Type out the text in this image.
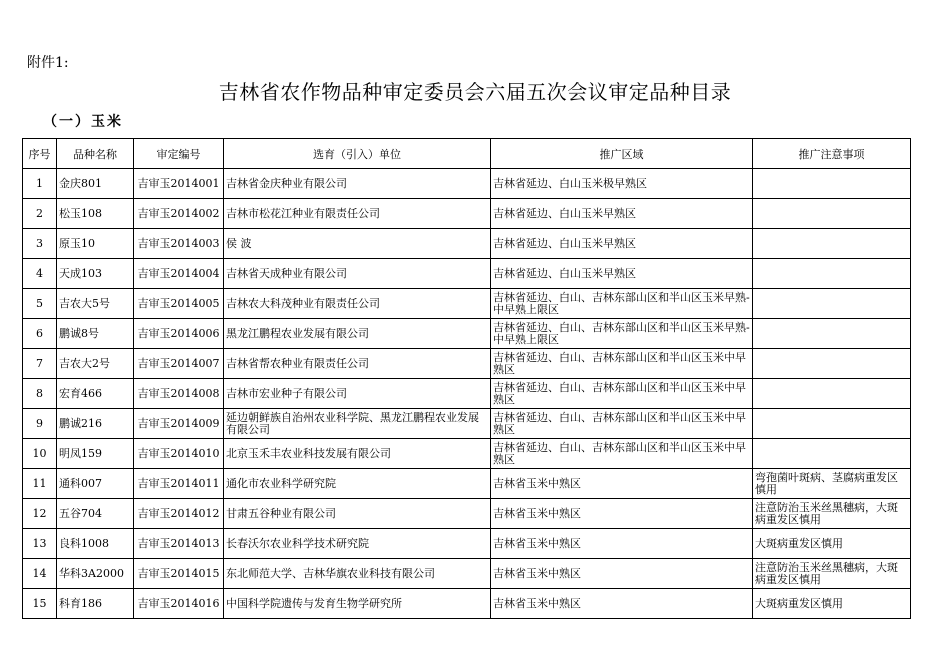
附件1:
吉林省农作物品种审定委员会六届五次会议审定品种目录
（一）玉米
序号	品种名称	审定编号	选育（引入）单位	推广区域	推广注意事项
1	金庆801	吉审玉2014001	吉林省金庆种业有限公司	吉林省延边、白山玉米极早熟区	
2	松玉108	吉审玉2014002	吉林市松花江种业有限责任公司	吉林省延边、白山玉米早熟区	
3	原玉10	吉审玉2014003	侯 波	吉林省延边、白山玉米早熟区	
4	天成103	吉审玉2014004	吉林省天成种业有限公司	吉林省延边、白山玉米早熟区	
5	吉农大5号	吉审玉2014005	吉林农大科茂种业有限责任公司	吉林省延边、白山、吉林东部山区和半山区玉米早熟-中早熟上限区	
6	鹏诚8号	吉审玉2014006	黑龙江鹏程农业发展有限公司	吉林省延边、白山、吉林东部山区和半山区玉米早熟-中早熟上限区	
7	吉农大2号	吉审玉2014007	吉林省帮农种业有限责任公司	吉林省延边、白山、吉林东部山区和半山区玉米中早熟区	
8	宏育466	吉审玉2014008	吉林市宏业种子有限公司	吉林省延边、白山、吉林东部山区和半山区玉米中早熟区	
9	鹏诚216	吉审玉2014009	延边朝鲜族自治州农业科学院、黑龙江鹏程农业发展有限公司	吉林省延边、白山、吉林东部山区和半山区玉米中早熟区	
10	明凤159	吉审玉2014010	北京玉禾丰农业科技发展有限公司	吉林省延边、白山、吉林东部山区和半山区玉米中早熟区	
11	通科007	吉审玉2014011	通化市农业科学研究院	吉林省玉米中熟区	弯孢菌叶斑病、茎腐病重发区慎用
12	五谷704	吉审玉2014012	甘肃五谷种业有限公司	吉林省玉米中熟区	注意防治玉米丝黑穗病，大斑病重发区慎用
13	良科1008	吉审玉2014013	长春沃尔农业科学技术研究院	吉林省玉米中熟区	大斑病重发区慎用
14	华科3A2000	吉审玉2014015	东北师范大学、吉林华旗农业科技有限公司	吉林省玉米中熟区	注意防治玉米丝黑穗病，大斑病重发区慎用
15	科育186	吉审玉2014016	中国科学院遗传与发育生物学研究所	吉林省玉米中熟区	大斑病重发区慎用
